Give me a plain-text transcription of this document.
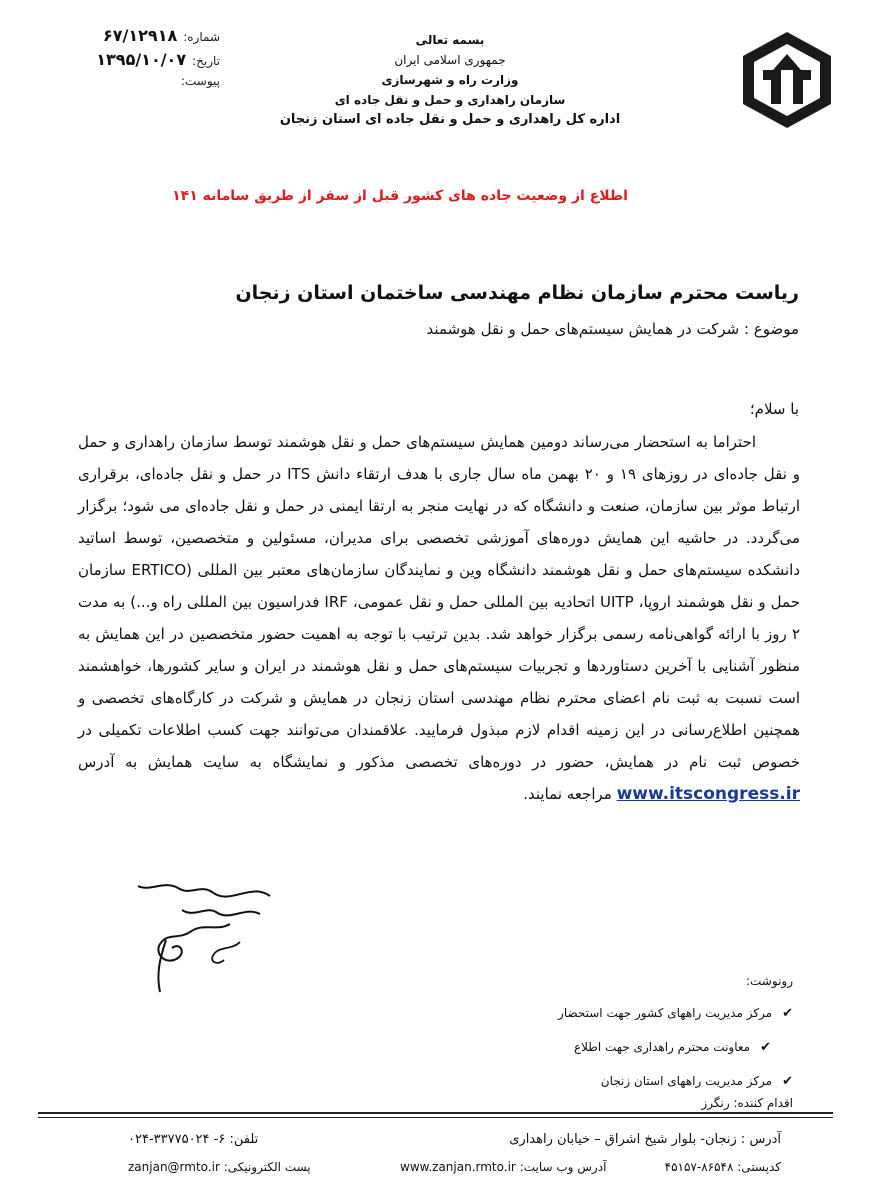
شماره:
۶۷/۱۲۹۱۸
تاریخ:
۱۳۹۵/۱۰/۰۷
پیوست:
بسمه تعالی
جمهوری اسلامی ایران
وزارت راه و شهرسازی
سازمان راهداری و حمل و نقل جاده ای
اداره کل راهداری و حمل و نقل جاده ای استان زنجان
اطلاع از وضعیت جاده های کشور قبل از سفر از طریق سامانه ۱۴۱
ریاست محترم سازمان نظام مهندسی ساختمان استان زنجان
موضوع : شرکت در همایش سیستم‌های حمل و نقل هوشمند
با سلام؛
احتراما به استحضار می‌رساند دومین همایش سیستم‌های حمل و نقل هوشمند توسط سازمان راهداری و حمل و نقل جاده‌ای در روزهای ۱۹ و ۲۰ بهمن ماه سال جاری با هدف ارتقاء دانش ITS در حمل و نقل جاده‌ای، برقراری ارتباط موثر بین سازمان، صنعت و دانشگاه که در نهایت منجر به ارتقا ایمنی در حمل و نقل جاده‌ای می شود؛ برگزار می‌گردد. در حاشیه این همایش دوره‌های آموزشی تخصصی برای مدیران، مسئولین و متخصصین، توسط اساتید دانشکده سیستم‌های حمل و نقل هوشمند دانشگاه وین و نمایندگان سازمان‌های معتبر بین المللی (ERTICO سازمان حمل و نقل هوشمند اروپا، UITP اتحادیه بین المللی حمل و نقل عمومی، IRF فدراسیون بین المللی راه و...) به مدت ۲ روز با ارائه گواهی‌نامه رسمی برگزار خواهد شد. بدین ترتیب با توجه به اهمیت حضور متخصصین در این همایش به منظور آشنایی با آخرین دستاوردها و تجربیات سیستم‌های حمل و نقل هوشمند در ایران و سایر کشورها، خواهشمند است نسبت به ثبت نام اعضای محترم نظام مهندسی استان زنجان در همایش و شرکت در کارگاه‌های تخصصی و همچنین اطلاع‌رسانی در این زمینه اقدام لازم مبذول فرمایید. علاقمندان می‌توانند جهت کسب اطلاعات تکمیلی در خصوص ثبت نام در همایش، حضور در دوره‌های تخصصی مذکور و نمایشگاه به سایت همایش به آدرس www.itscongress.ir مراجعه نمایند.
رونوشت:
✔
مرکز مدیریت راههای کشور جهت استحضار
✔
معاونت محترم راهداری جهت اطلاع
✔
مرکز مدیریت راههای استان زنجان
اقدام کننده: رنگرز
آدرس : زنجان- بلوار شیخ اشراق – خیابان راهداری
تلفن: ۶- ۳۳۷۷۵۰۲۴-۰۲۴
کدپستی: ۸۶۵۴۸-۴۵۱۵۷
آدرس وب سایت: www.zanjan.rmto.ir
پست الکترونیکی: zanjan@rmto.ir
